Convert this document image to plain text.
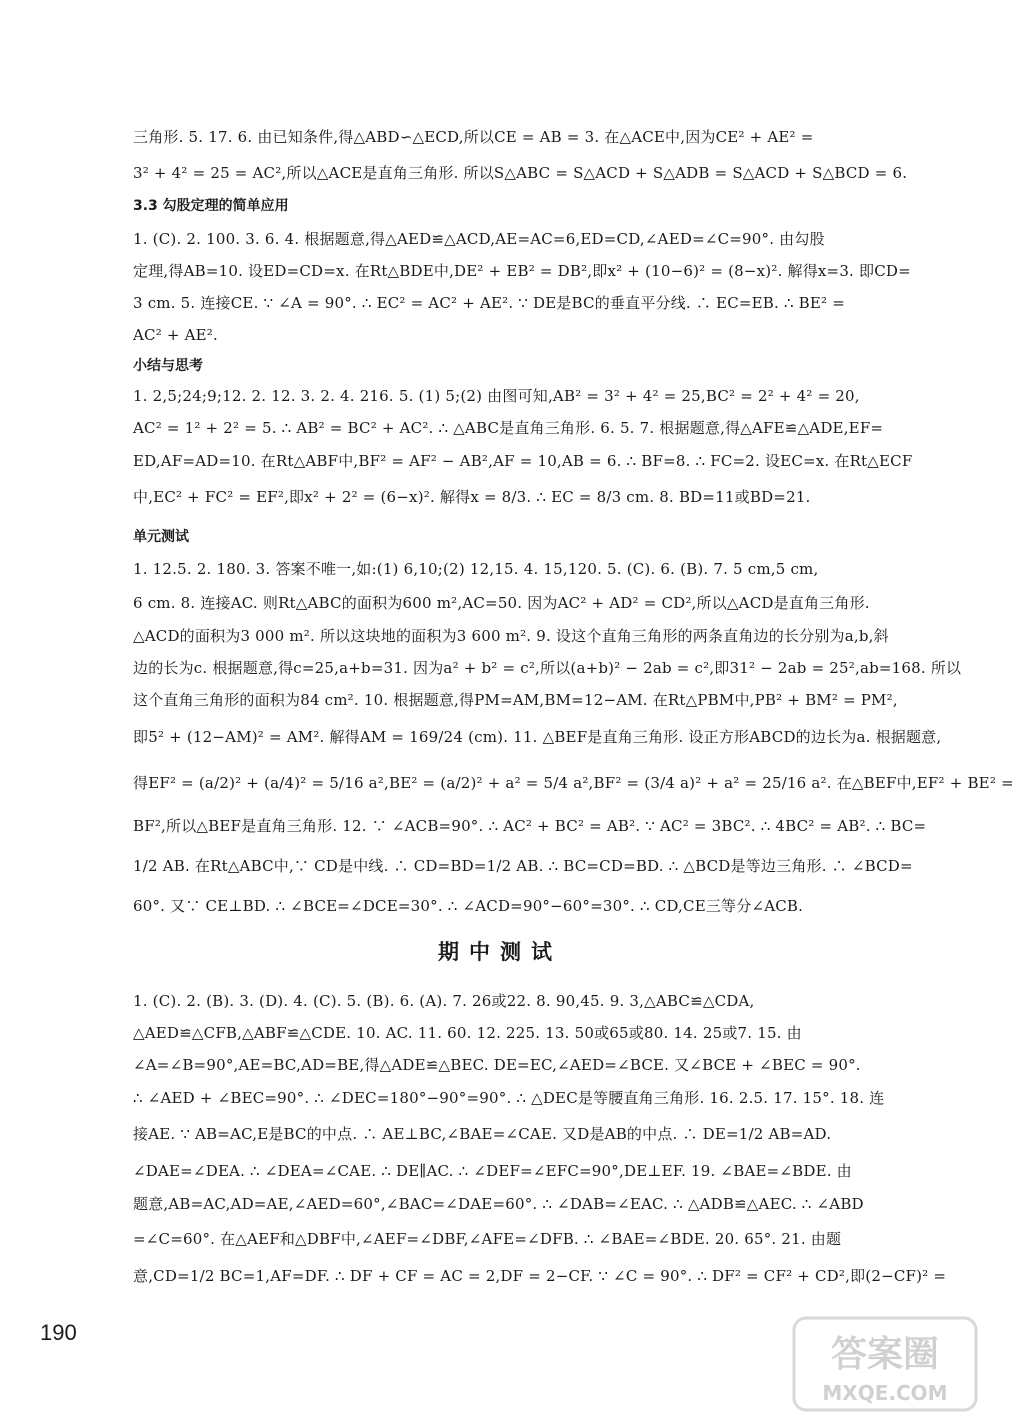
三角形. 5. 17. 6. 由已知条件,得△ABD∽△ECD,所以CE = AB = 3. 在△ACE中,因为CE² + AE² =
3² + 4² = 25 = AC²,所以△ACE是直角三角形. 所以S△ABC = S△ACD + S△ADB = S△ACD + S△BCD = 6.
3.3 勾股定理的简单应用
1. (C). 2. 100. 3. 6. 4. 根据题意,得△AED≌△ACD,AE=AC=6,ED=CD,∠AED=∠C=90°. 由勾股
定理,得AB=10. 设ED=CD=x. 在Rt△BDE中,DE² + EB² = DB²,即x² + (10−6)² = (8−x)². 解得x=3. 即CD=
3 cm. 5. 连接CE. ∵ ∠A = 90°. ∴ EC² = AC² + AE². ∵ DE是BC的垂直平分线. ∴ EC=EB. ∴ BE² =
AC² + AE².
小结与思考
1. 2,5;24;9;12. 2. 12. 3. 2. 4. 216. 5. (1) 5;(2) 由图可知,AB² = 3² + 4² = 25,BC² = 2² + 4² = 20,
AC² = 1² + 2² = 5. ∴ AB² = BC² + AC². ∴ △ABC是直角三角形. 6. 5. 7. 根据题意,得△AFE≌△ADE,EF=
ED,AF=AD=10. 在Rt△ABF中,BF² = AF² − AB²,AF = 10,AB = 6. ∴ BF=8. ∴ FC=2. 设EC=x. 在Rt△ECF
中,EC² + FC² = EF²,即x² + 2² = (6−x)². 解得x = 8/3. ∴ EC = 8/3 cm. 8. BD=11或BD=21.
单元测试
1. 12.5. 2. 180. 3. 答案不唯一,如:(1) 6,10;(2) 12,15. 4. 15,120. 5. (C). 6. (B). 7. 5 cm,5 cm,
6 cm. 8. 连接AC. 则Rt△ABC的面积为600 m²,AC=50. 因为AC² + AD² = CD²,所以△ACD是直角三角形.
△ACD的面积为3 000 m². 所以这块地的面积为3 600 m². 9. 设这个直角三角形的两条直角边的长分别为a,b,斜
边的长为c. 根据题意,得c=25,a+b=31. 因为a² + b² = c²,所以(a+b)² − 2ab = c²,即31² − 2ab = 25²,ab=168. 所以
这个直角三角形的面积为84 cm². 10. 根据题意,得PM=AM,BM=12−AM. 在Rt△PBM中,PB² + BM² = PM²,
即5² + (12−AM)² = AM². 解得AM = 169/24 (cm). 11. △BEF是直角三角形. 设正方形ABCD的边长为a. 根据题意,
得EF² = (a/2)² + (a/4)² = 5/16 a²,BE² = (a/2)² + a² = 5/4 a²,BF² = (3/4 a)² + a² = 25/16 a². 在△BEF中,EF² + BE² =
BF²,所以△BEF是直角三角形. 12. ∵ ∠ACB=90°. ∴ AC² + BC² = AB². ∵ AC² = 3BC². ∴ 4BC² = AB². ∴ BC=
1/2 AB. 在Rt△ABC中,∵ CD是中线. ∴ CD=BD=1/2 AB. ∴ BC=CD=BD. ∴ △BCD是等边三角形. ∴ ∠BCD=
60°. 又∵ CE⊥BD. ∴ ∠BCE=∠DCE=30°. ∴ ∠ACD=90°−60°=30°. ∴ CD,CE三等分∠ACB.
期中测试
1. (C). 2. (B). 3. (D). 4. (C). 5. (B). 6. (A). 7. 26或22. 8. 90,45. 9. 3,△ABC≌△CDA,
△AED≌△CFB,△ABF≌△CDE. 10. AC. 11. 60. 12. 225. 13. 50或65或80. 14. 25或7. 15. 由
∠A=∠B=90°,AE=BC,AD=BE,得△ADE≌△BEC. DE=EC,∠AED=∠BCE. 又∠BCE + ∠BEC = 90°.
∴ ∠AED + ∠BEC=90°. ∴ ∠DEC=180°−90°=90°. ∴ △DEC是等腰直角三角形. 16. 2.5. 17. 15°. 18. 连
接AE. ∵ AB=AC,E是BC的中点. ∴ AE⊥BC,∠BAE=∠CAE. 又D是AB的中点. ∴ DE=1/2 AB=AD.
∠DAE=∠DEA. ∴ ∠DEA=∠CAE. ∴ DE∥AC. ∴ ∠DEF=∠EFC=90°,DE⊥EF. 19. ∠BAE=∠BDE. 由
题意,AB=AC,AD=AE,∠AED=60°,∠BAC=∠DAE=60°. ∴ ∠DAB=∠EAC. ∴ △ADB≌△AEC. ∴ ∠ABD
=∠C=60°. 在△AEF和△DBF中,∠AEF=∠DBF,∠AFE=∠DFB. ∴ ∠BAE=∠BDE. 20. 65°. 21. 由题
意,CD=1/2 BC=1,AF=DF. ∴ DF + CF = AC = 2,DF = 2−CF. ∵ ∠C = 90°. ∴ DF² = CF² + CD²,即(2−CF)² =
190
答案圈
MXQE.COM
